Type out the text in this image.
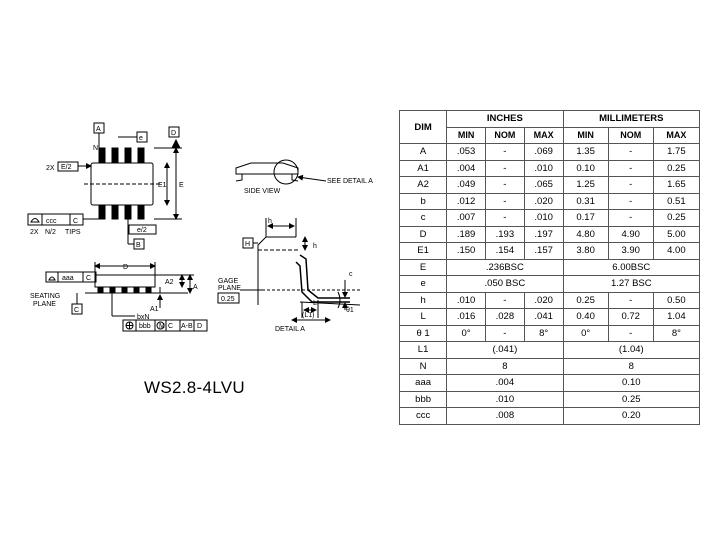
A
N
e
D
2X E/2
E1 E
1 2 3
ccc C
2X N/2 TIPS	e/2
B
SIDE VIEW
SEE DETAIL A
M
D
aaa C
A2
A
A1
SEATING
PLANE
C
bxN
bbb C A-B D
h
h
H
c
GAGE
PLANE
0.25
L
(L1)
θ1
DETAIL A
WS2.8-4LVU
DIM	INCHES			MILLIMETERS		
	MIN	NOM	MAX	MIN	NOM	MAX
A	.053	-	.069	1.35	-	1.75
A1	.004	-	.010	0.10	-	0.25
A2	.049	-	.065	1.25	-	1.65
b	.012	-	.020	0.31	-	0.51
c	.007	-	.010	0.17	-	0.25
D	.189	.193	.197	4.80	4.90	5.00
E1	.150	.154	.157	3.80	3.90	4.00
E	.236BSC			6.00BSC		
e	.050 BSC			1.27 BSC		
h	.010	-	.020	0.25	-	0.50
L	.016	.028	.041	0.40	0.72	1.04
θ 1	0°	-	8°	0°	-	8°
L1	(.041)			(1.04)		
N	8			8		
aaa	.004			0.10		
bbb	.010			0.25		
ccc	.008			0.20		
